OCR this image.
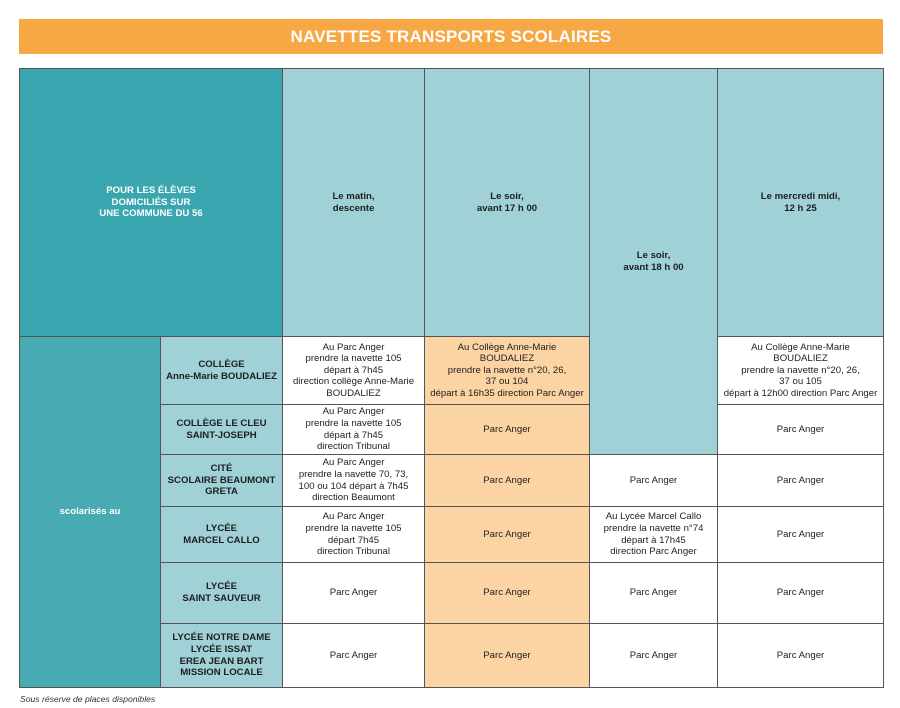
NAVETTES TRANSPORTS SCOLAIRES
POUR LES ÉLÈVES
DOMICILIÉS SUR
UNE COMMUNE DU 56		Le matin,
descente	Le soir,
avant 17 h 00	Le soir,
avant 18 h 00	Le mercredi midi,
12 h 25

scolarisés au	COLLÈGE
Anne-Marie BOUDALIEZ	Au Parc Anger
prendre la navette 105
départ à 7h45
direction collège Anne-Marie
BOUDALIEZ	Au Collège Anne-Marie
BOUDALIEZ
prendre la navette n°20, 26,
37 ou 104
départ à 16h35 direction Parc Anger		Au Collège Anne-Marie
BOUDALIEZ
prendre la navette n°20, 26,
37 ou 105
départ à 12h00 direction Parc Anger

	COLLÈGE LE CLEU
SAINT-JOSEPH	Au Parc Anger
prendre la navette 105
départ à 7h45
direction Tribunal	Parc Anger		Parc Anger

	CITÉ
SCOLAIRE BEAUMONT
GRETA	Au Parc Anger
prendre la navette 70, 73,
100 ou 104 départ à 7h45
direction Beaumont	Parc Anger	Parc Anger	Parc Anger

	LYCÉE
MARCEL CALLO	Au Parc Anger
prendre la navette 105
départ 7h45
direction Tribunal	Parc Anger	Au Lycée Marcel Callo
prendre la navette n°74
départ à 17h45
direction Parc Anger	Parc Anger

	LYCÉE
SAINT SAUVEUR	Parc Anger	Parc Anger	Parc Anger	Parc Anger

	LYCÉE NOTRE DAME
LYCÉE ISSAT
EREA JEAN BART
MISSION LOCALE	Parc Anger	Parc Anger	Parc Anger	Parc Anger
Sous réserve de places disponibles
